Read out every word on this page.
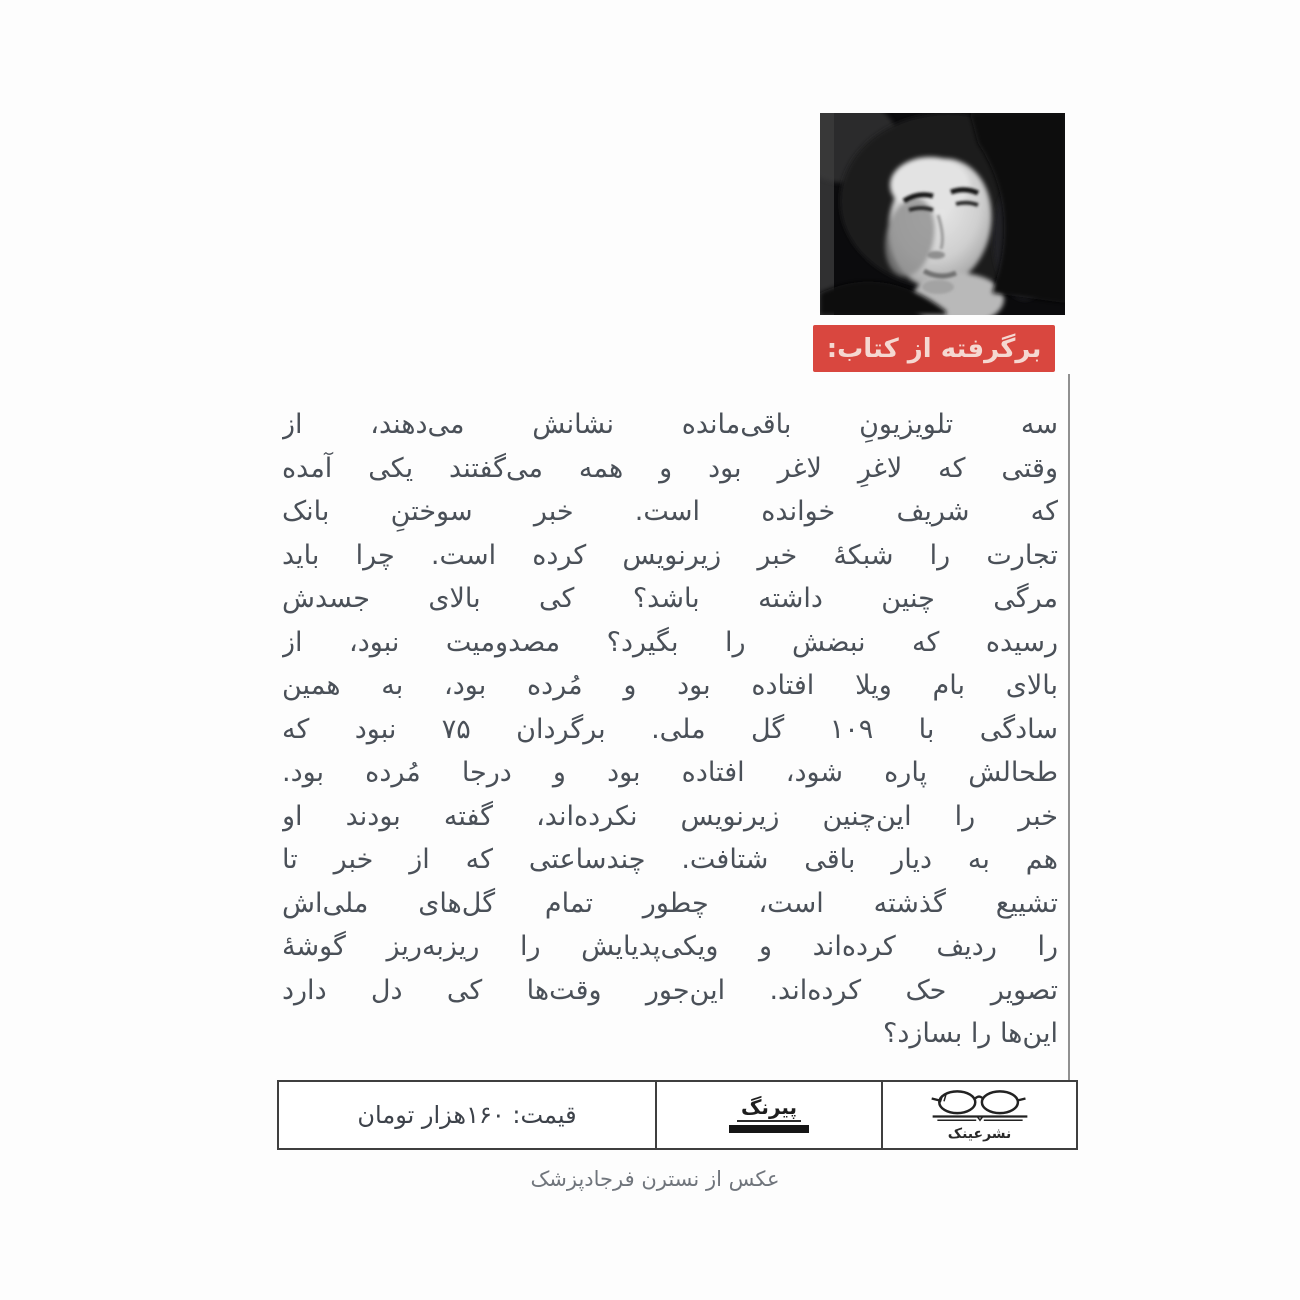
برگرفته از کتاب:
سه تلویزیونِ باقی‌مانده نشانش می‌دهند، از
وقتی که لاغرِ لاغر بود و همه می‌گفتند یکی آمده
که شریف خوانده است. خبر سوختنِ بانک
تجارت را شبکهٔ خبر زیرنویس کرده است. چرا باید
مرگی چنین داشته باشد؟ کی بالای جسدش
رسیده که نبضش را بگیرد؟ مصدومیت نبود، از
بالای بام ویلا افتاده بود و مُرده بود، به همین
سادگی با ۱۰۹ گل ملی. برگردان ۷۵ نبود که
طحالش پاره شود، افتاده بود و درجا مُرده بود.
خبر را این‌چنین زیرنویس نکرده‌اند، گفته بودند او
هم به دیار باقی شتافت. چندساعتی که از خبر تا
تشییع گذشته است، چطور تمام گل‌های ملی‌اش
را ردیف کرده‌اند و ویکی‌پدیایش را ریزبه‌ریز گوشهٔ
تصویر حک کرده‌اند. این‌جور وقت‌ها کی دل دارد
این‌ها را بسازد؟
نشرعینک
پیرنگ
قیمت: ۱۶۰هزار تومان
عکس از نسترن فرجادپزشک
